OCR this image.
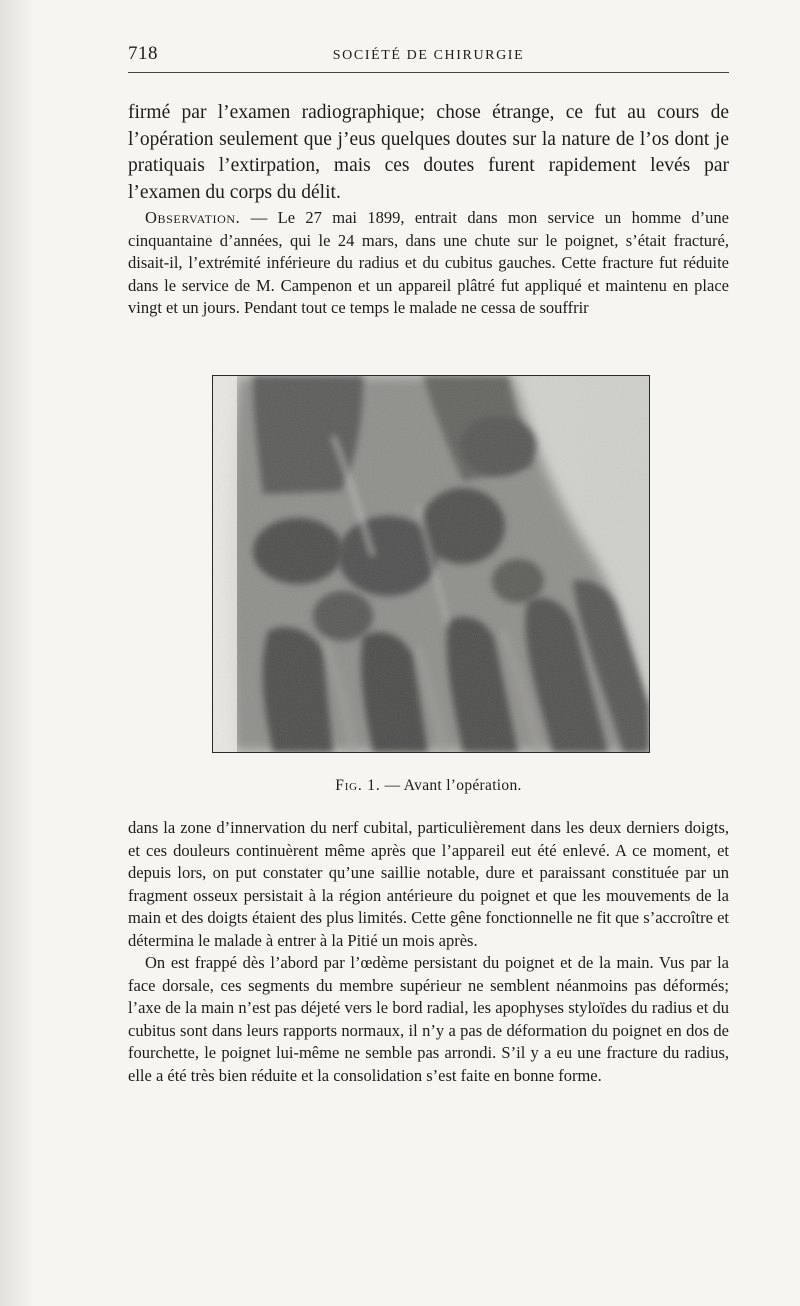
718	SOCIÉTÉ DE CHIRURGIE

firmé par l’examen radiographique; chose étrange, ce fut au cours de l’opération seulement que j’eus quelques doutes sur la nature de l’os dont je pratiquais l’extirpation, mais ces doutes furent rapidement levés par l’examen du corps du délit.

Observation. — Le 27 mai 1899, entrait dans mon service un homme d’une cinquantaine d’années, qui le 24 mars, dans une chute sur le poignet, s’était fracturé, disait-il, l’extrémité inférieure du radius et du cubitus gauches. Cette fracture fut réduite dans le service de M. Campenon et un appareil plâtré fut appliqué et maintenu en place vingt et un jours. Pendant tout ce temps le malade ne cessa de souffrir

Fig. 1. — Avant l’opération.

dans la zone d’innervation du nerf cubital, particulièrement dans les deux derniers doigts, et ces douleurs continuèrent même après que l’appareil eut été enlevé. A ce moment, et depuis lors, on put constater qu’une saillie notable, dure et paraissant constituée par un fragment osseux persistait à la région antérieure du poignet et que les mouvements de la main et des doigts étaient des plus limités. Cette gêne fonctionnelle ne fit que s’accroître et détermina le malade à entrer à la Pitié un mois après.

On est frappé dès l’abord par l’œdème persistant du poignet et de la main. Vus par la face dorsale, ces segments du membre supérieur ne semblent néanmoins pas déformés; l’axe de la main n’est pas déjeté vers le bord radial, les apophyses styloïdes du radius et du cubitus sont dans leurs rapports normaux, il n’y a pas de déformation du poignet en dos de fourchette, le poignet lui-même ne semble pas arrondi. S’il y a eu une fracture du radius, elle a été très bien réduite et la consolidation s’est faite en bonne forme.
